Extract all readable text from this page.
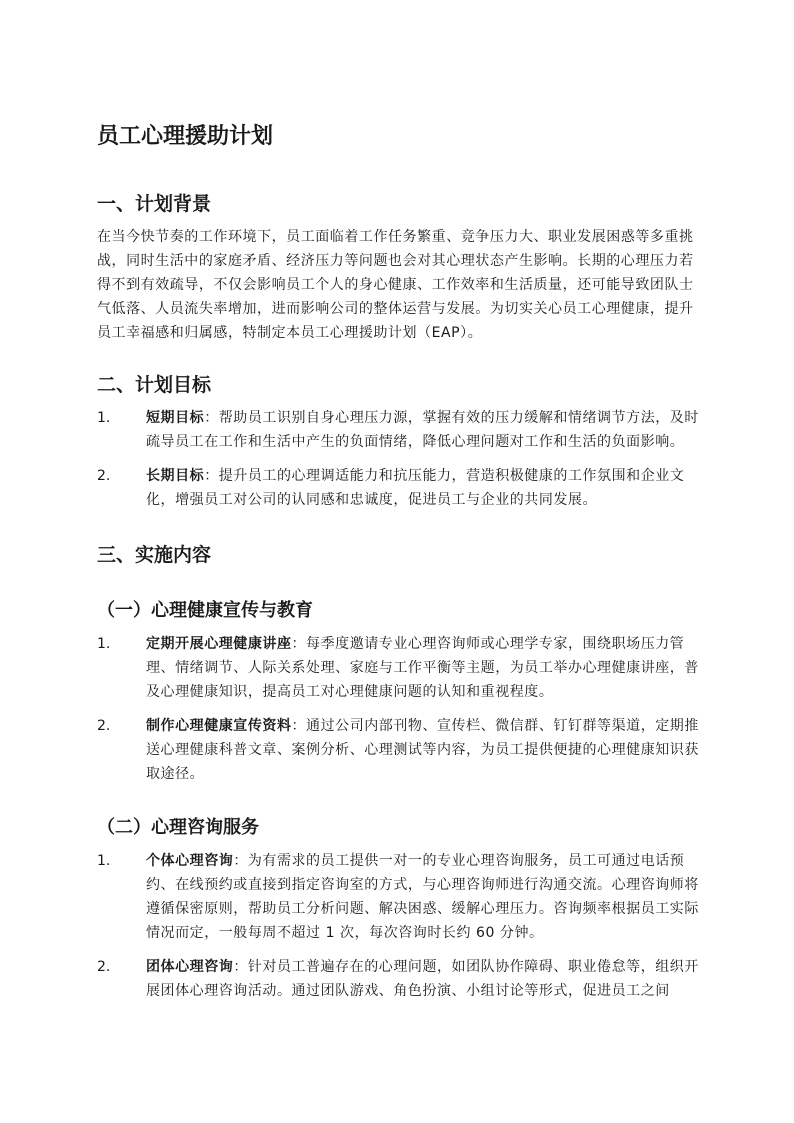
员工心理援助计划
一、计划背景

在当今快节奏的工作环境下，员工面临着工作任务繁重、竞争压力大、职业发展困惑等多重挑战，同时生活中的家庭矛盾、经济压力等问题也会对其心理状态产生影响。长期的心理压力若得不到有效疏导，不仅会影响员工个人的身心健康、工作效率和生活质量，还可能导致团队士气低落、人员流失率增加，进而影响公司的整体运营与发展。为切实关心员工心理健康，提升员工幸福感和归属感，特制定本员工心理援助计划（EAP）。

二、计划目标
1.	短期目标：帮助员工识别自身心理压力源，掌握有效的压力缓解和情绪调节方法，及时疏导员工在工作和生活中产生的负面情绪，降低心理问题对工作和生活的负面影响。
2.	长期目标：提升员工的心理调适能力和抗压能力，营造积极健康的工作氛围和企业文化，增强员工对公司的认同感和忠诚度，促进员工与企业的共同发展。
三、实施内容
（一）心理健康宣传与教育
1.	定期开展心理健康讲座：每季度邀请专业心理咨询师或心理学专家，围绕职场压力管理、情绪调节、人际关系处理、家庭与工作平衡等主题，为员工举办心理健康讲座，普及心理健康知识，提高员工对心理健康问题的认知和重视程度。
2.	制作心理健康宣传资料：通过公司内部刊物、宣传栏、微信群、钉钉群等渠道，定期推送心理健康科普文章、案例分析、心理测试等内容，为员工提供便捷的心理健康知识获取途径。
（二）心理咨询服务
1.	个体心理咨询：为有需求的员工提供一对一的专业心理咨询服务，员工可通过电话预约、在线预约或直接到指定咨询室的方式，与心理咨询师进行沟通交流。心理咨询师将遵循保密原则，帮助员工分析问题、解决困惑、缓解心理压力。咨询频率根据员工实际情况而定，一般每周不超过 1 次，每次咨询时长约 60 分钟。
2.	团体心理咨询：针对员工普遍存在的心理问题，如团队协作障碍、职业倦怠等，组织开展团体心理咨询活动。通过团队游戏、角色扮演、小组讨论等形式，促进员工之间
